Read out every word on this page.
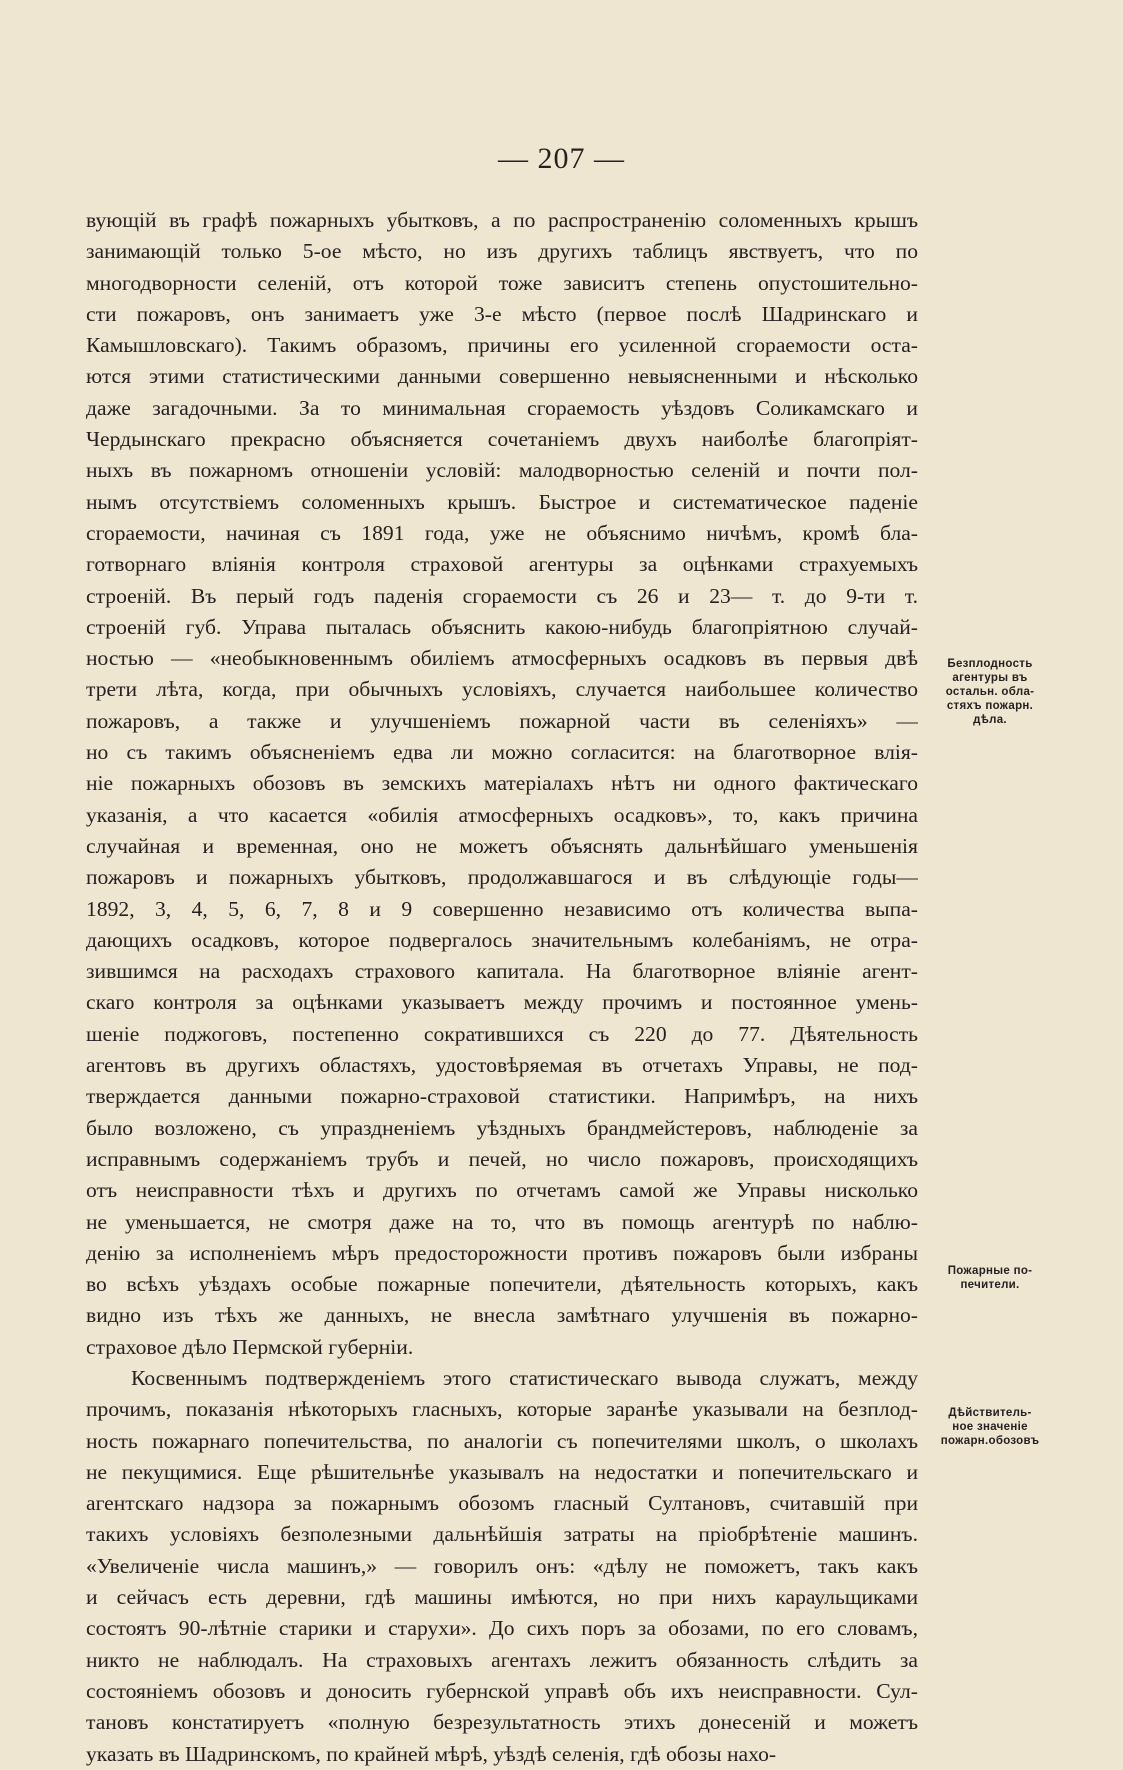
— 207 —
вующій въ графѣ пожарныхъ убытковъ, а по распространенію соломенныхъ крышъ
занимающій только 5-ое мѣсто, но изъ другихъ таблицъ явствуетъ, что по
многодворности селеній, отъ которой тоже зависитъ степень опустошительно-
сти пожаровъ, онъ занимаетъ уже 3-е мѣсто (первое послѣ Шадринскаго и
Камышловскаго). Такимъ образомъ, причины его усиленной сгораемости оста-
ются этими статистическими данными совершенно невыясненными и нѣсколько
даже загадочными. За то минимальная сгораемость уѣздовъ Соликамскаго и
Чердынскаго прекрасно объясняется сочетаніемъ двухъ наиболѣе благопріят-
ныхъ въ пожарномъ отношеніи условій: малодворностью селеній и почти пол-
нымъ отсутствіемъ соломенныхъ крышъ. Быстрое и систематическое паденіе
сгораемости, начиная съ 1891 года, уже не объяснимо ничѣмъ, кромѣ бла-
готворнаго вліянія контроля страховой агентуры за оцѣнками страхуемыхъ
строеній. Въ перый годъ паденія сгораемости съ 26 и 23— т. до 9-ти т.
строеній губ. Управа пыталась объяснить какою-нибудь благопріятною случай-
ностью — «необыкновеннымъ обиліемъ атмосферныхъ осадковъ въ первыя двѣ
трети лѣта, когда, при обычныхъ условіяхъ, случается наибольшее количество
пожаровъ, а также и улучшеніемъ пожарной части въ селеніяхъ» —
но съ такимъ объясненіемъ едва ли можно согласится: на благотворное влія-
ніе пожарныхъ обозовъ въ земскихъ матеріалахъ нѣтъ ни одного фактическаго
указанія, а что касается «обилія атмосферныхъ осадковъ», то, какъ причина
случайная и временная, оно не можетъ объяснять дальнѣйшаго уменьшенія
пожаровъ и пожарныхъ убытковъ, продолжавшагося и въ слѣдующіе годы—
1892, 3, 4, 5, 6, 7, 8 и 9 совершенно независимо отъ количества выпа-
дающихъ осадковъ, которое подвергалось значительнымъ колебаніямъ, не отра-
зившимся на расходахъ страхового капитала. На благотворное вліяніе агент-
скаго контроля за оцѣнками указываетъ между прочимъ и постоянное умень-
шеніе поджоговъ, постепенно сократившихся съ 220 до 77. Дѣятельность
агентовъ въ другихъ областяхъ, удостовѣряемая въ отчетахъ Управы, не под-
тверждается данными пожарно-страховой статистики. Напримѣръ, на нихъ
было возложено, съ упраздненіемъ уѣздныхъ брандмейстеровъ, наблюденіе за
исправнымъ содержаніемъ трубъ и печей, но число пожаровъ, происходящихъ
отъ неисправности тѣхъ и другихъ по отчетамъ самой же Управы нисколько
не уменьшается, не смотря даже на то, что въ помощь агентурѣ по наблю-
денію за исполненіемъ мѣръ предосторожности противъ пожаровъ были избраны
во всѣхъ уѣздахъ особые пожарные попечители, дѣятельность которыхъ, какъ
видно изъ тѣхъ же данныхъ, не внесла замѣтнаго улучшенія въ пожарно-
страховое дѣло Пермской губерніи.
Косвеннымъ подтвержденіемъ этого статистическаго вывода служатъ, между
прочимъ, показанія нѣкоторыхъ гласныхъ, которые заранѣе указывали на безплод-
ность пожарнаго попечительства, по аналогіи съ попечителями школъ, о школахъ
не пекущимися. Еще рѣшительнѣе указывалъ на недостатки и попечительскаго и
агентскаго надзора за пожарнымъ обозомъ гласный Султановъ, считавшій при
такихъ условіяхъ безполезными дальнѣйшія затраты на пріобрѣтеніе машинъ.
«Увеличеніе числа машинъ,» — говорилъ онъ: «дѣлу не поможетъ, такъ какъ
и сейчасъ есть деревни, гдѣ машины имѣются, но при нихъ караульщиками
состоятъ 90-лѣтніе старики и старухи». До сихъ поръ за обозами, по его словамъ,
никто не наблюдалъ. На страховыхъ агентахъ лежитъ обязанность слѣдить за
состояніемъ обозовъ и доносить губернской управѣ объ ихъ неисправности. Сул-
тановъ констатируетъ «полную безрезультатность этихъ донесеній и можетъ
указать въ Шадринскомъ, по крайней мѣрѣ, уѣздѣ селенія, гдѣ обозы нахо-
Безплодность
агентуры въ
остальн. обла-
стяхъ пожарн.
дѣла.
Пожарные по-
печители.
Дѣйствитель-
ное значеніе
пожарн.обозовъ
